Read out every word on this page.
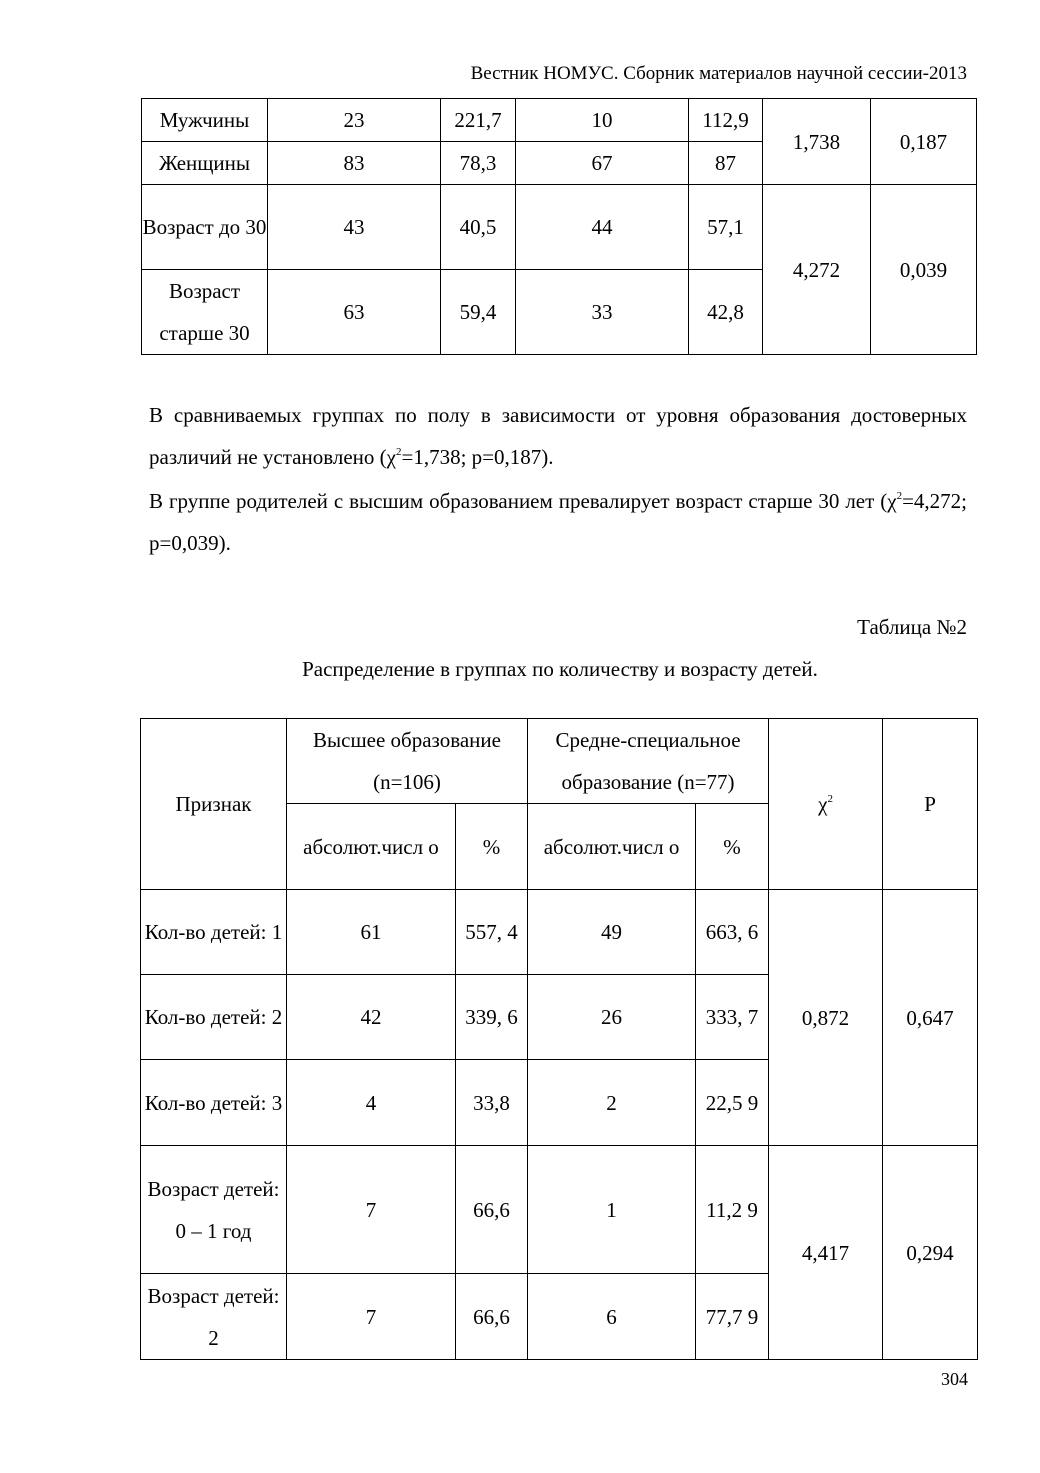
Вестник НОМУС. Сборник материалов научной сессии-2013
Мужчины	23	221,7	10	112,9	1,738	0,187
Женщины	83	78,3	67	87		
Возраст до 30	43	40,5	44	57,1	4,272	0,039
Возраст старше 30	63	59,4	33	42,8		

В сравниваемых группах по полу в зависимости от уровня образования достоверных различий не установлено ($\chi^2=1,738$; p=0,187).

В группе родителей с высшим образованием превалирует возраст старше 30 лет ($\chi^2=4,272$; p=0,039).

Таблица №2
Распределение в группах по количеству и возрасту детей.
Признак	Высшее образование (n=106)		Средне-специальное образование (n=77)		$\chi^2$	P
	абсолют.числ о	%	абсолют.числ о	%		
Кол-во детей: 1	61	557, 4	49	663, 6	0,872	0,647
Кол-во детей: 2	42	339, 6	26	333, 7		
Кол-во детей: 3	4	33,8	2	22,5 9		
Возраст детей: 0 – 1 год	7	66,6	1	11,2 9	4,417	0,294
Возраст детей: 2	7	66,6	6	77,7 9		
304
